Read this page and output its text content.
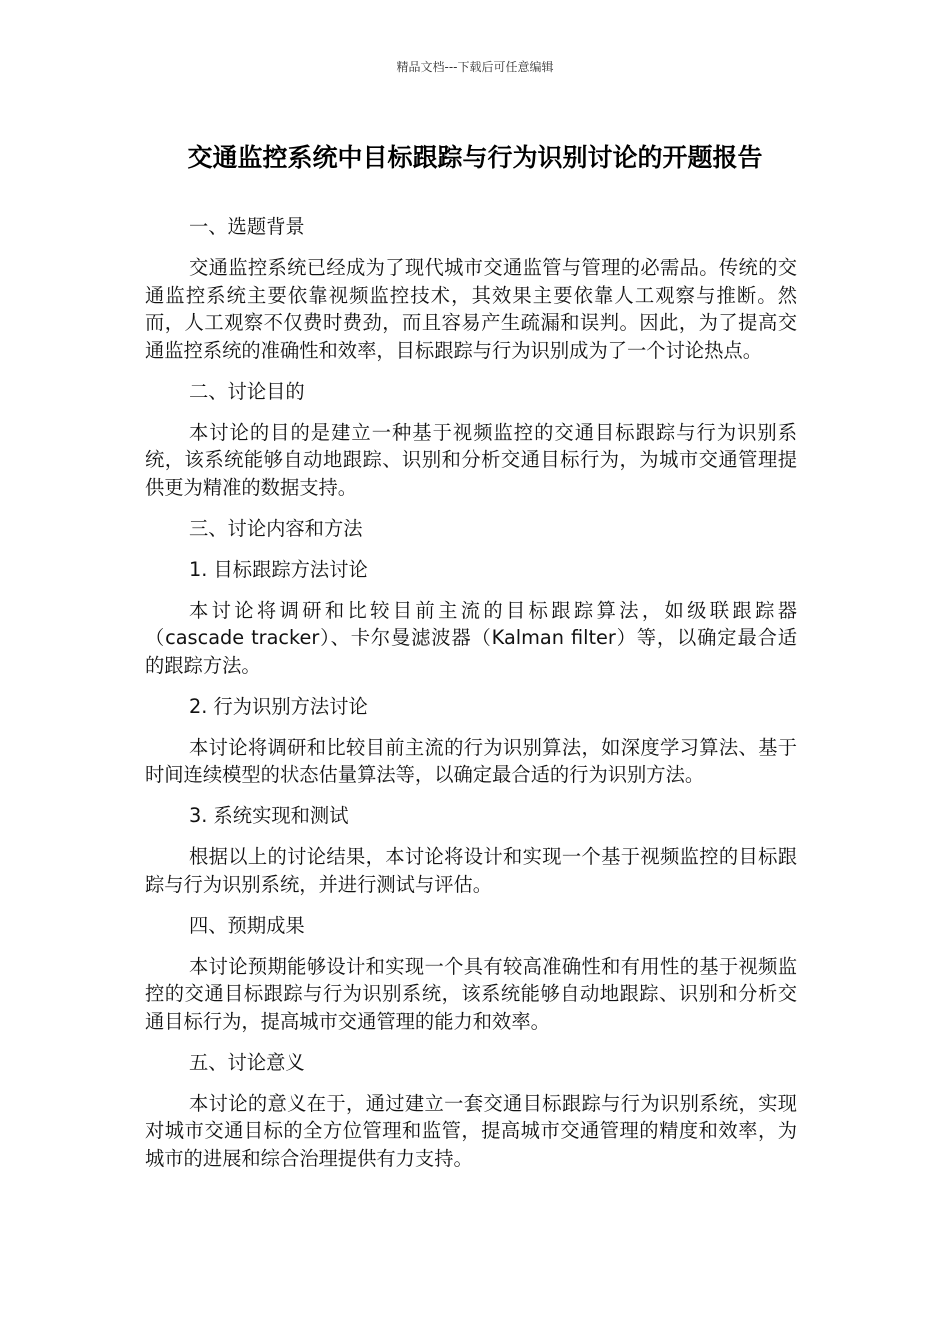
精品文档---下载后可任意编辑
交通监控系统中目标跟踪与行为识别讨论的开题报告

一、选题背景

交通监控系统已经成为了现代城市交通监管与管理的必需品。传统的交通监控系统主要依靠视频监控技术，其效果主要依靠人工观察与推断。然而，人工观察不仅费时费劲，而且容易产生疏漏和误判。因此，为了提高交通监控系统的准确性和效率，目标跟踪与行为识别成为了一个讨论热点。

二、讨论目的

本讨论的目的是建立一种基于视频监控的交通目标跟踪与行为识别系统，该系统能够自动地跟踪、识别和分析交通目标行为，为城市交通管理提供更为精准的数据支持。

三、讨论内容和方法

1. 目标跟踪方法讨论

本讨论将调研和比较目前主流的目标跟踪算法，如级联跟踪器（cascade tracker）、卡尔曼滤波器（Kalman filter）等，以确定最合适的跟踪方法。

2. 行为识别方法讨论

本讨论将调研和比较目前主流的行为识别算法，如深度学习算法、基于时间连续模型的状态估量算法等，以确定最合适的行为识别方法。

3. 系统实现和测试

根据以上的讨论结果，本讨论将设计和实现一个基于视频监控的目标跟踪与行为识别系统，并进行测试与评估。

四、预期成果

本讨论预期能够设计和实现一个具有较高准确性和有用性的基于视频监控的交通目标跟踪与行为识别系统，该系统能够自动地跟踪、识别和分析交通目标行为，提高城市交通管理的能力和效率。

五、讨论意义

本讨论的意义在于，通过建立一套交通目标跟踪与行为识别系统，实现对城市交通目标的全方位管理和监管，提高城市交通管理的精度和效率，为城市的进展和综合治理提供有力支持。
